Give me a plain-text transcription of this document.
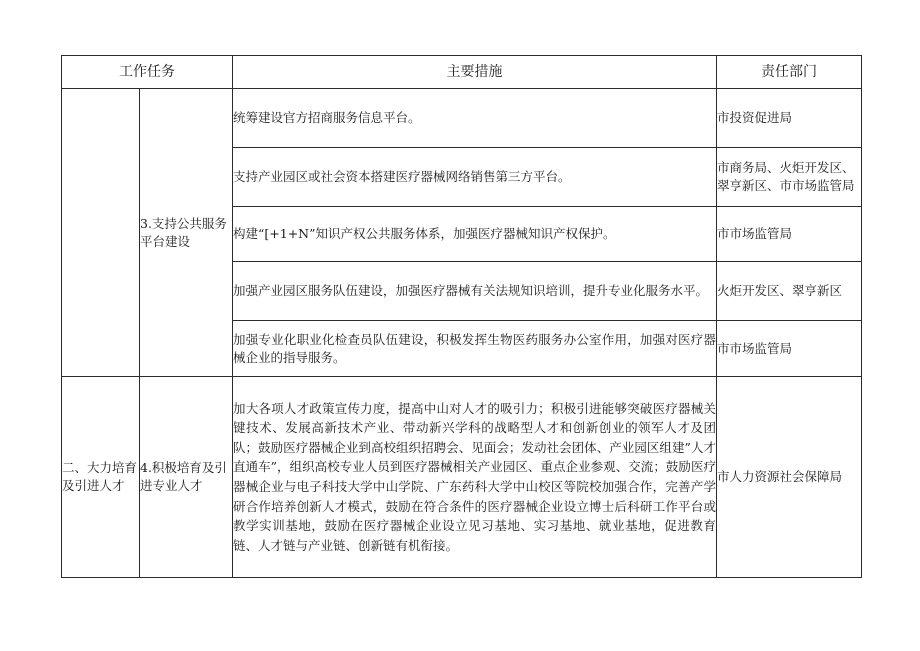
工作任务		主要措施	责任部门
	3.支持公共服务平台建设	统筹建设官方招商服务信息平台。	市投资促进局
		支持产业园区或社会资本搭建医疗器械网络销售第三方平台。	市商务局、火炬开发区、翠亨新区、市市场监管局
		构建“[+1+N”知识产权公共服务体系，加强医疗器械知识产权保护。	市市场监管局
		加强产业园区服务队伍建设，加强医疗器械有关法规知识培训，提升专业化服务水平。	火炬开发区、翠亨新区
		加强专业化职业化检查员队伍建设，积极发挥生物医药服务办公室作用，加强对医疗器械企业的指导服务。	市市场监管局
二、大力培育及引进人才	4.积极培育及引进专业人才	加大各项人才政策宣传力度，提高中山对人才的吸引力；积极引进能够突破医疗器械关键技术、发展高新技术产业、带动新兴学科的战略型人才和创新创业的领军人才及团队；鼓励医疗器械企业到高校组织招聘会、见面会；发动社会团体、产业园区组建”人才直通车”，组织高校专业人员到医疗器械相关产业园区、重点企业参观、交流；鼓励医疗器械企业与电子科技大学中山学院、广东药科大学中山校区等院校加强合作，完善产学研合作培养创新人才模式，鼓励在符合条件的医疗器械企业设立博士后科研工作平台或教学实训基地，鼓励在医疗器械企业设立见习基地、实习基地、就业基地，促进教育链、人才链与产业链、创新链有机衔接。	市人力资源社会保障局
